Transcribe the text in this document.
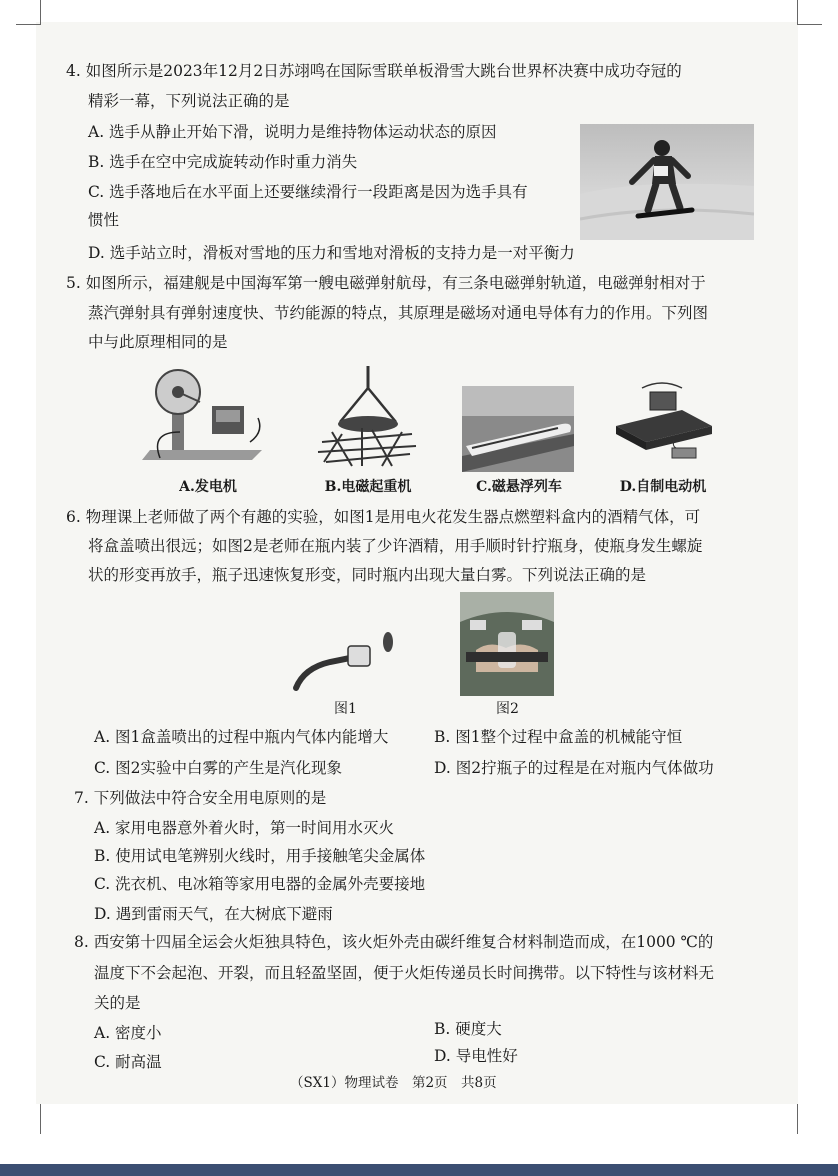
4. 如图所示是2023年12月2日苏翊鸣在国际雪联单板滑雪大跳台世界杯决赛中成功夺冠的
精彩一幕，下列说法正确的是
A. 选手从静止开始下滑，说明力是维持物体运动状态的原因
B. 选手在空中完成旋转动作时重力消失
C. 选手落地后在水平面上还要继续滑行一段距离是因为选手具有
惯性
D. 选手站立时，滑板对雪地的压力和雪地对滑板的支持力是一对平衡力
5. 如图所示，福建舰是中国海军第一艘电磁弹射航母，有三条电磁弹射轨道，电磁弹射相对于
蒸汽弹射具有弹射速度快、节约能源的特点，其原理是磁场对通电导体有力的作用。下列图
中与此原理相同的是
A.发电机	B.电磁起重机	C.磁悬浮列车	D.自制电动机
6. 物理课上老师做了两个有趣的实验，如图1是用电火花发生器点燃塑料盒内的酒精气体，可
将盒盖喷出很远；如图2是老师在瓶内装了少许酒精，用手顺时针拧瓶身，使瓶身发生螺旋
状的形变再放手，瓶子迅速恢复形变，同时瓶内出现大量白雾。下列说法正确的是
图1	图2
A. 图1盒盖喷出的过程中瓶内气体内能增大	B. 图1整个过程中盒盖的机械能守恒
C. 图2实验中白雾的产生是汽化现象	D. 图2拧瓶子的过程是在对瓶内气体做功
7. 下列做法中符合安全用电原则的是
A. 家用电器意外着火时，第一时间用水灭火
B. 使用试电笔辨别火线时，用手接触笔尖金属体
C. 洗衣机、电冰箱等家用电器的金属外壳要接地
D. 遇到雷雨天气，在大树底下避雨
8. 西安第十四届全运会火炬独具特色，该火炬外壳由碳纤维复合材料制造而成，在1000 ℃的
温度下不会起泡、开裂，而且轻盈坚固，便于火炬传递员长时间携带。以下特性与该材料无
关的是
A. 密度小	B. 硬度大
C. 耐高温	D. 导电性好
（SX1）物理试卷　第2页　共8页
